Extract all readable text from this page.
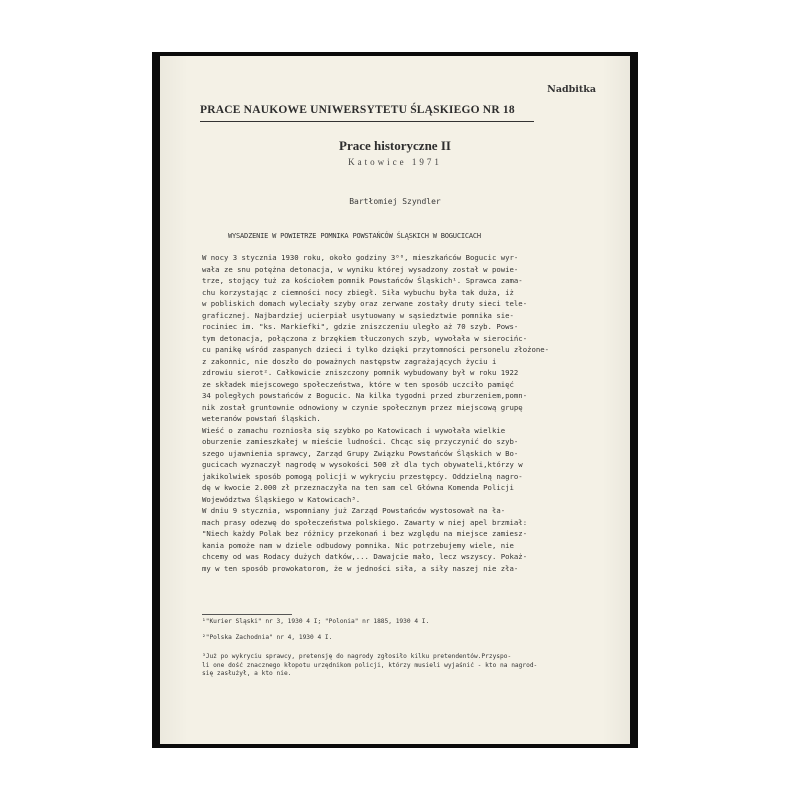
Nadbitka
PRACE NAUKOWE UNIWERSYTETU ŚLĄSKIEGO NR 18
Prace historyczne II
Katowice 1971
Bartłomiej Szyndler
WYSADZENIE W POWIETRZE POMNIKA POWSTAŃCÓW ŚLĄSKICH W BOGUCICACH
W nocy 3 stycznia 1930 roku, około godziny 3⁰⁰, mieszkańców Bogucic wyr-
wała ze snu potężna detonacja, w wyniku której wysadzony został w powie-
trze, stojący tuż za kościołem pomnik Powstańców Śląskich¹. Sprawca zama-
chu korzystając z ciemności nocy zbiegł. Siła wybuchu była tak duża, iż
w pobliskich domach wyleciały szyby oraz zerwane zostały druty sieci tele-
graficznej. Najbardziej ucierpiał usytuowany w sąsiedztwie pomnika sie-
rociniec im. "ks. Markiefki", gdzie zniszczeniu uległo aż 70 szyb. Pows-
tym detonacja, połączona z brzękiem tłuczonych szyb, wywołała w sierocińc-
cu panikę wśród zaspanych dzieci i tylko dzięki przytomności personelu złożone-
z zakonnic, nie doszło do poważnych następstw zagrażających życiu i
zdrowiu sierot². Całkowicie zniszczony pomnik wybudowany był w roku 1922
ze składek miejscowego społeczeństwa, które w ten sposób uczciło pamięć
34 poległych powstańców z Bogucic. Na kilka tygodni przed zburzeniem,pomn-
nik został gruntownie odnowiony w czynie społecznym przez miejscową grupę
weteranów powstań śląskich.
Wieść o zamachu rozniosła się szybko po Katowicach i wywołała wielkie
oburzenie zamieszkałej w mieście ludności. Chcąc się przyczynić do szyb-
szego ujawnienia sprawcy, Zarząd Grupy Związku Powstańców Śląskich w Bo-
gucicach wyznaczył nagrodę w wysokości 500 zł dla tych obywateli,którzy w
jakikolwiek sposób pomogą policji w wykryciu przestępcy. Oddzielną nagro-
dę w kwocie 2.000 zł przeznaczyła na ten sam cel Główna Komenda Policji
Województwa Śląskiego w Katowicach³.
W dniu 9 stycznia, wspomniany już Zarząd Powstańców wystosował na ła-
mach prasy odezwę do społeczeństwa polskiego. Zawarty w niej apel brzmiał:
"Niech każdy Polak bez różnicy przekonań i bez względu na miejsce zamiesz-
kania pomoże nam w dziele odbudowy pomnika. Nic potrzebujemy wiele, nie
chcemy od was Rodacy dużych datków,... Dawajcie mało, lecz wszyscy. Pokaż-
my w ten sposób prowokatorom, że w jedności siła, a siły naszej nie zła-
¹"Kurier Śląski" nr 3, 1930 4 I; "Polonia" nr 1885, 1930 4 I.
²"Polska Zachodnia" nr 4, 1930 4 I.
³Już po wykryciu sprawcy, pretensję do nagrody zgłosiło kilku pretendentów.Przyspo-
li one dość znacznego kłopotu urzędnikom policji, którzy musieli wyjaśnić - kto na nagrod-
się zasłużył, a kto nie.
